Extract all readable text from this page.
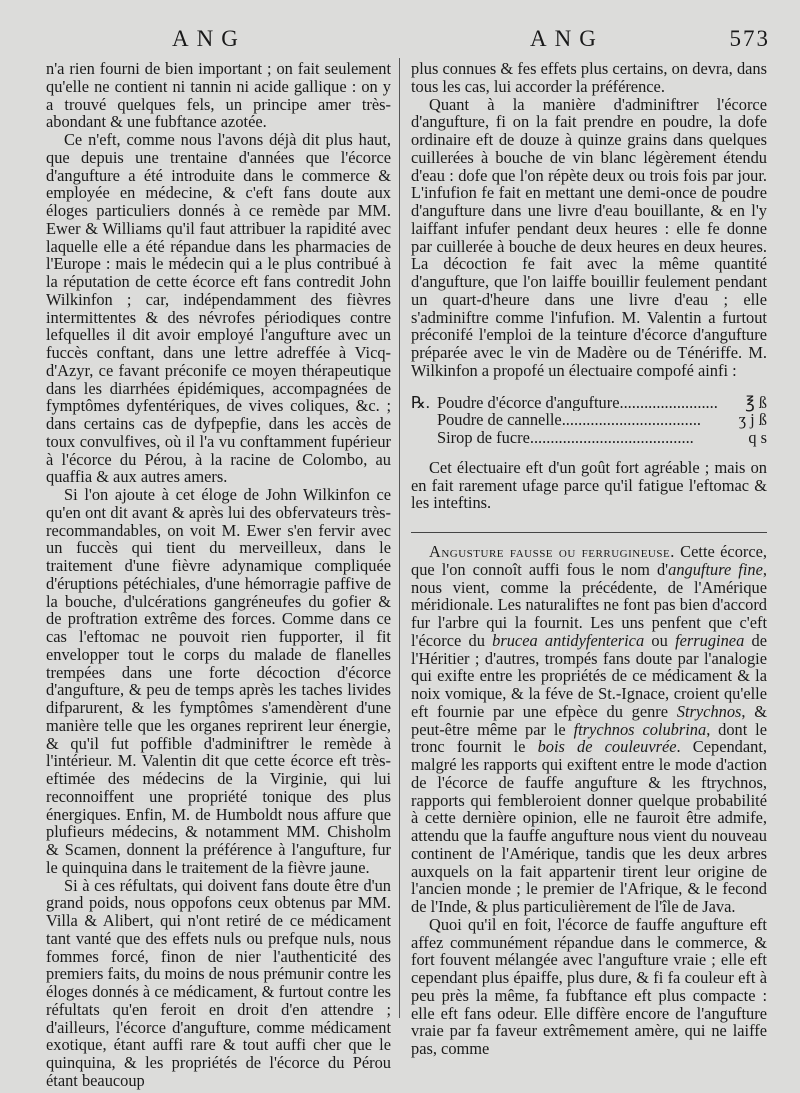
ANG	ANG	573

n'a rien fourni de bien important ; on fait seulement qu'elle ne contient ni tannin ni acide gallique : on y a trouvé quelques fels, un principe amer très-abondant & une fubftance azotée.

Ce n'eft, comme nous l'avons déjà dit plus haut, que depuis une trentaine d'années que l'écorce d'angufture a été introduite dans le commerce & employée en médecine, & c'eft fans doute aux éloges particuliers donnés à ce remède par MM. Ewer & Williams qu'il faut attribuer la rapidité avec laquelle elle a été répandue dans les pharmacies de l'Europe : mais le médecin qui a le plus contribué à la réputation de cette écorce eft fans contredit John Wilkinfon ; car, indépendamment des fièvres intermittentes & des névrofes périodiques contre lefquelles il dit avoir employé l'angufture avec un fuccès conftant, dans une lettre adreffée à Vicq-d'Azyr, ce favant préconife ce moyen thérapeutique dans les diarrhées épidémiques, accompagnées de fymptômes dyfentériques, de vives coliques, &c. ; dans certains cas de dyfpepfie, dans les accès de toux convulfives, où il l'a vu conftamment fupérieur à l'écorce du Pérou, à la racine de Colombo, au quaffia & aux autres amers.

Si l'on ajoute à cet éloge de John Wilkinfon ce qu'en ont dit avant & après lui des obfervateurs très-recommandables, on voit M. Ewer s'en fervir avec un fuccès qui tient du merveilleux, dans le traitement d'une fièvre adynamique compliquée d'éruptions pétéchiales, d'une hémorragie paffive de la bouche, d'ulcérations gangréneufes du gofier & de proftration extrême des forces. Comme dans ce cas l'eftomac ne pouvoit rien fupporter, il fit envelopper tout le corps du malade de flanelles trempées dans une forte décoction d'écorce d'angufture, & peu de temps après les taches livides difparurent, & les fymptômes s'amendèrent d'une manière telle que les organes reprirent leur énergie, & qu'il fut poffible d'adminiftrer le remède à l'intérieur. M. Valentin dit que cette écorce eft très-eftimée des médecins de la Virginie, qui lui reconnoiffent une propriété tonique des plus énergiques. Enfin, M. de Humboldt nous affure que plufieurs médecins, & notamment MM. Chisholm & Scamen, donnent la préférence à l'angufture, fur le quinquina dans le traitement de la fièvre jaune.

Si à ces réfultats, qui doivent fans doute être d'un grand poids, nous oppofons ceux obtenus par MM. Villa & Alibert, qui n'ont retiré de ce médicament tant vanté que des effets nuls ou prefque nuls, nous fommes forcé, finon de nier l'authenticité des premiers faits, du moins de nous prémunir contre les éloges donnés à ce médicament, & furtout contre les réfultats qu'en feroit en droit d'en attendre ; d'ailleurs, l'écorce d'angufture, comme médicament exotique, étant auffi rare & tout auffi cher que le quinquina, & les propriétés de l'écorce du Pérou étant beaucoup

plus connues & fes effets plus certains, on devra, dans tous les cas, lui accorder la préférence.

Quant à la manière d'adminiftrer l'écorce d'angufture, fi on la fait prendre en poudre, la dofe ordinaire eft de douze à quinze grains dans quelques cuillerées à bouche de vin blanc légèrement étendu d'eau : dofe que l'on répète deux ou trois fois par jour. L'infufion fe fait en mettant une demi-once de poudre d'angufture dans une livre d'eau bouillante, & en l'y laiffant infufer pendant deux heures : elle fe donne par cuillerée à bouche de deux heures en deux heures. La décoction fe fait avec la même quantité d'angufture, que l'on laiffe bouillir feulement pendant un quart-d'heure dans une livre d'eau ; elle s'adminiftre comme l'infufion. M. Valentin a furtout préconifé l'emploi de la teinture d'écorce d'angufture préparée avec le vin de Madère ou de Ténériffe. M. Wilkinfon a propofé un électuaire compofé ainfi :

℞. Poudre d'écorce d'angufture........................	℥ ß
Poudre de cannelle..................................	ʒ j ß
Sirop de fucre........................................	q s

Cet électuaire eft d'un goût fort agréable ; mais on en fait rarement ufage parce qu'il fatigue l'eftomac & les inteftins.

Angusture fausse ou ferrugineuse. Cette écorce, que l'on connoît auffi fous le nom d'angufture fine, nous vient, comme la précédente, de l'Amérique méridionale. Les naturaliftes ne font pas bien d'accord fur l'arbre qui la fournit. Les uns penfent que c'eft l'écorce du brucea antidyfenterica ou ferruginea de l'Héritier ; d'autres, trompés fans doute par l'analogie qui exifte entre les propriétés de ce médicament & la noix vomique, & la féve de St.-Ignace, croient qu'elle eft fournie par une efpèce du genre Strychnos, & peut-être même par le ftrychnos colubrina, dont le tronc fournit le bois de couleuvrée. Cependant, malgré les rapports qui exiftent entre le mode d'action de l'écorce de fauffe angufture & les ftrychnos, rapports qui fembleroient donner quelque probabilité à cette dernière opinion, elle ne fauroit être admife, attendu que la fauffe angufture nous vient du nouveau continent de l'Amérique, tandis que les deux arbres auxquels on la fait appartenir tirent leur origine de l'ancien monde ; le premier de l'Afrique, & le fecond de l'Inde, & plus particulièrement de l'île de Java.

Quoi qu'il en foit, l'écorce de fauffe angufture eft affez communément répandue dans le commerce, & fort fouvent mélangée avec l'angufture vraie ; elle eft cependant plus épaiffe, plus dure, & fi fa couleur eft à peu près la même, fa fubftance eft plus compacte : elle eft fans odeur. Elle diffère encore de l'angufture vraie par fa faveur extrêmement amère, qui ne laiffe pas, comme
